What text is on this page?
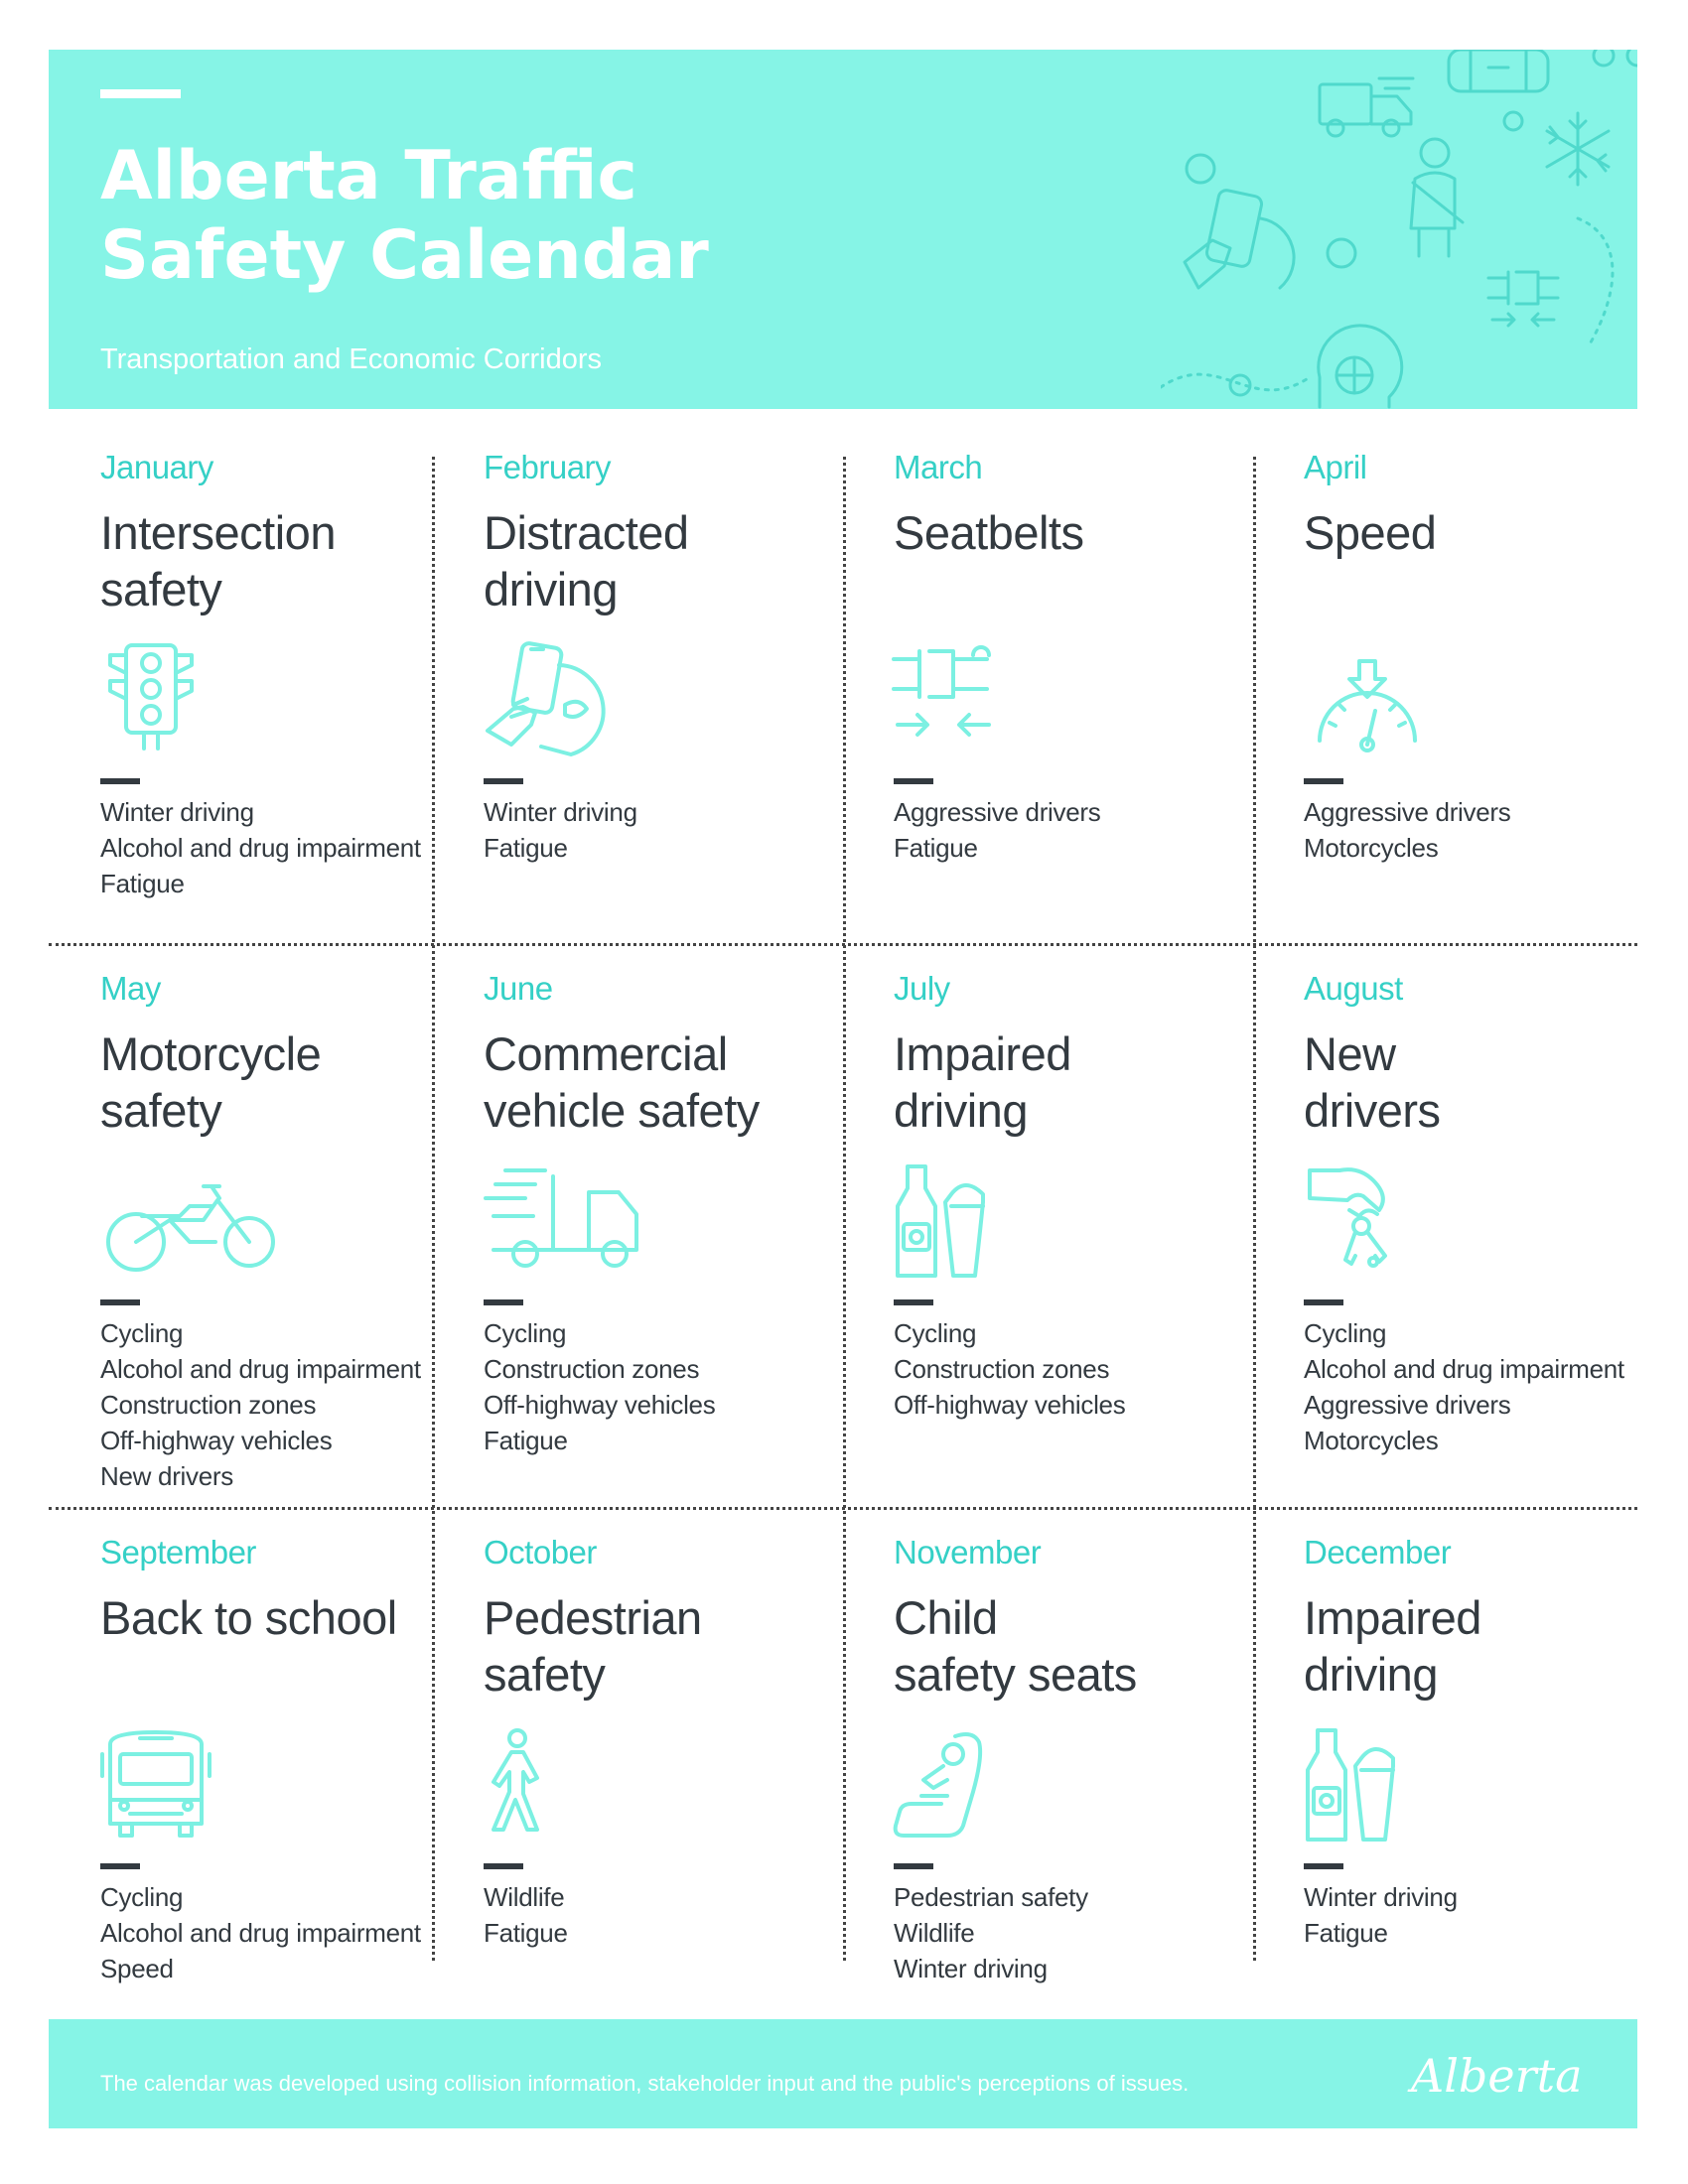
Alberta Traffic
Safety Calendar
Transportation and Economic Corridors
January
Intersection
safety
Winter driving
Alcohol and drug impairment
Fatigue
February
Distracted
driving
Winter driving
Fatigue
March
Seatbelts
Aggressive drivers
Fatigue
April
Speed
Aggressive drivers
Motorcycles
May
Motorcycle
safety
Cycling
Alcohol and drug impairment
Construction zones
Off-highway vehicles
New drivers
June
Commercial
vehicle safety
Cycling
Construction zones
Off-highway vehicles
Fatigue
July
Impaired
driving
Cycling
Construction zones
Off-highway vehicles
August
New
drivers
Cycling
Alcohol and drug impairment
Aggressive drivers
Motorcycles
September
Back to school
Cycling
Alcohol and drug impairment
Speed
October
Pedestrian
safety
Wildlife
Fatigue
November
Child
safety seats
Pedestrian safety
Wildlife
Winter driving
December
Impaired
driving
Winter driving
Fatigue
The calendar was developed using collision information, stakeholder input and the public's perceptions of issues.	Alberta
